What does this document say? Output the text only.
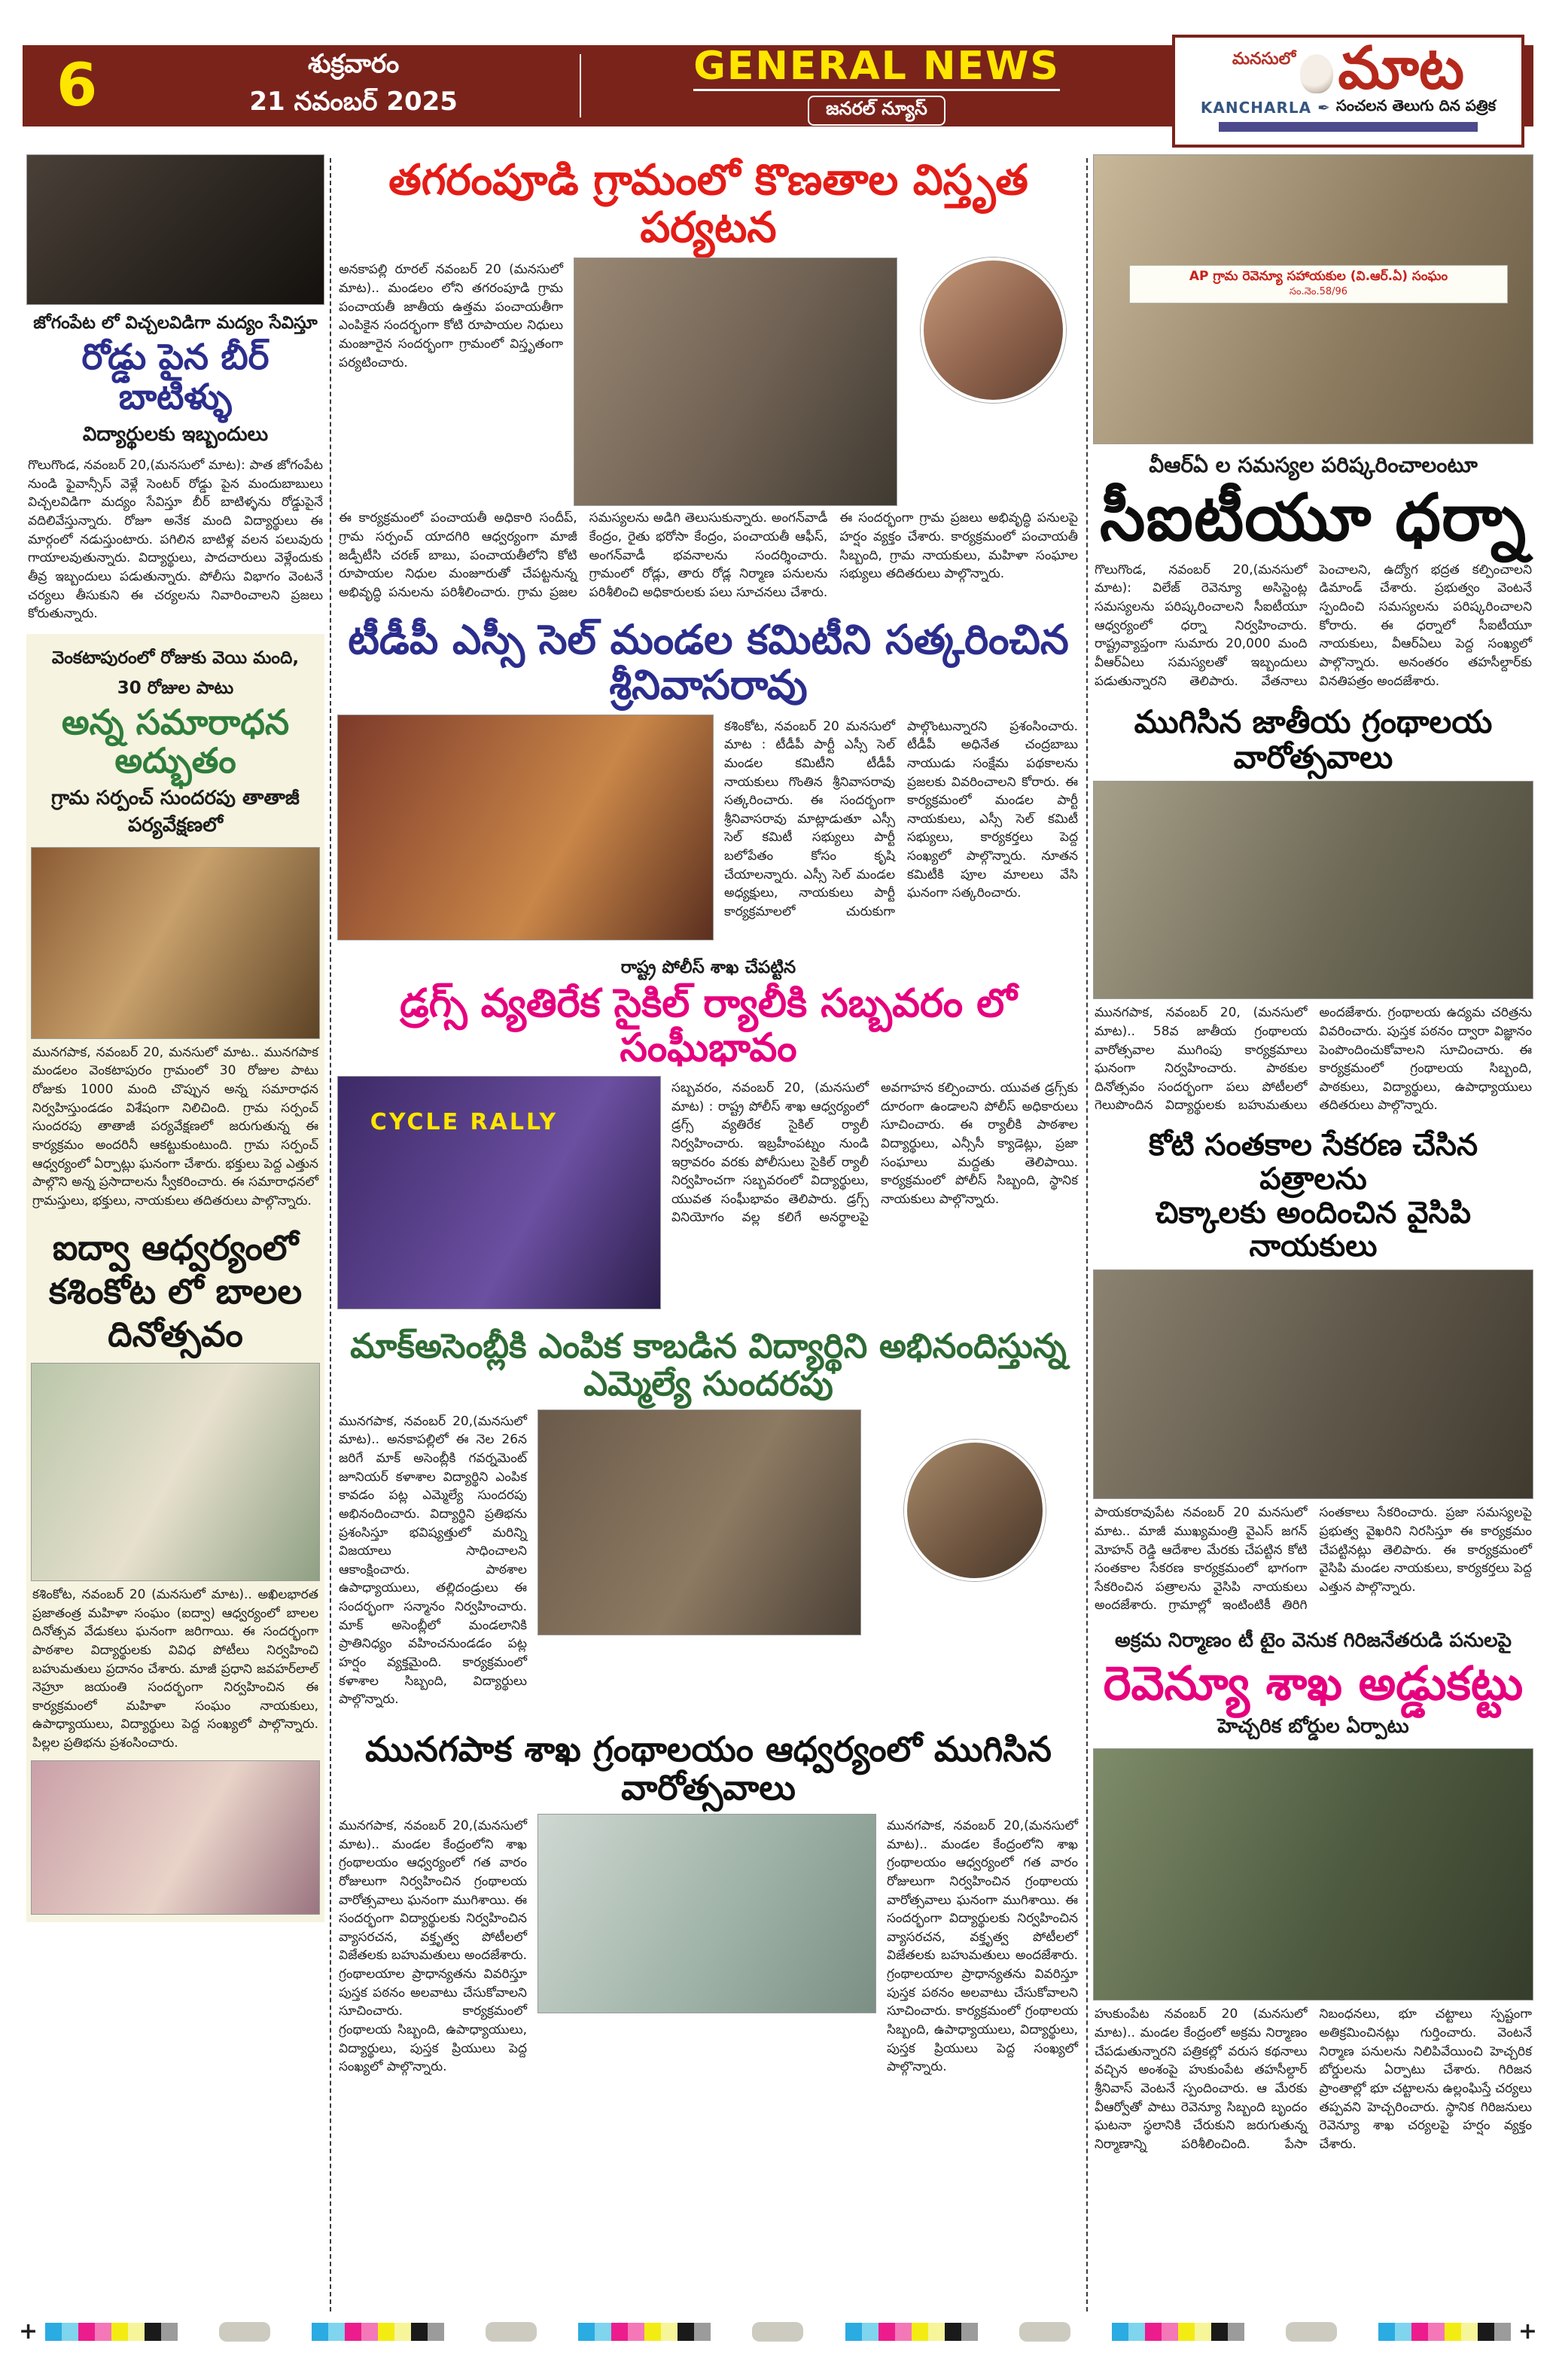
6	శుక్రవారం
21 నవంబర్ 2025
GENERAL NEWS
జనరల్ న్యూస్
మనసులో మాట
KANCHARLA ✒ సంచలన తెలుగు దిన పత్రిక
జోగంపేట లో విచ్చలవిడిగా మద్యం సేవిస్తూ
రోడ్డు పైన బీర్ బాటిళ్ళు
విద్యార్థులకు ఇబ్బందులు
గొలుగొండ, నవంబర్ 20,(మనసులో మాట): పాత జోగంపేట నుండి ఫైవాన్సీస్ వెళ్లే సెంటర్ రోడ్డు పైన మందుబాబులు విచ్చలవిడిగా మద్యం సేవిస్తూ బీర్ బాటిళ్ళను రోడ్డుపైనే వదిలివేస్తున్నారు. రోజూ అనేక మంది విద్యార్థులు ఈ మార్గంలో నడుస్తుంటారు. పగిలిన బాటిళ్ల వలన పలువురు గాయాలవుతున్నారు. విద్యార్థులు, పాదచారులు వెళ్లేందుకు తీవ్ర ఇబ్బందులు పడుతున్నారు. పోలీసు విభాగం వెంటనే చర్యలు తీసుకుని ఈ చర్యలను నివారించాలని ప్రజలు కోరుతున్నారు.
వెంకటాపురంలో రోజుకు వెయి మంది,
30 రోజుల పాటు
అన్న సమారాధన అద్భుతం
గ్రామ సర్పంచ్ సుందరపు తాతాజీ పర్యవేక్షణలో
మునగపాక, నవంబర్ 20, మనసులో మాట.. మునగపాక మండలం వెంకటాపురం గ్రామంలో 30 రోజుల పాటు రోజుకు 1000 మంది చొప్పున అన్న సమారాధన నిర్వహిస్తుండడం విశేషంగా నిలిచింది. గ్రామ సర్పంచ్ సుందరపు తాతాజీ పర్యవేక్షణలో జరుగుతున్న ఈ కార్యక్రమం అందరినీ ఆకట్టుకుంటుంది. గ్రామ సర్పంచ్ ఆధ్వర్యంలో ఏర్పాట్లు ఘనంగా చేశారు. భక్తులు పెద్ద ఎత్తున పాల్గొని అన్న ప్రసాదాలను స్వీకరించారు. ఈ సమారాధనలో గ్రామస్తులు, భక్తులు, నాయకులు తదితరులు పాల్గొన్నారు.
ఐద్వా ఆధ్వర్యంలో కశింకోట లో బాలల దినోత్సవం
కశింకోట, నవంబర్ 20 (మనసులో మాట).. అఖిలభారత ప్రజాతంత్ర మహిళా సంఘం (ఐద్వా) ఆధ్వర్యంలో బాలల దినోత్సవ వేడుకలు ఘనంగా జరిగాయి. ఈ సందర్భంగా పాఠశాల విద్యార్థులకు వివిధ పోటీలు నిర్వహించి బహుమతులు ప్రదానం చేశారు. మాజీ ప్రధాని జవహర్‌లాల్ నెహ్రూ జయంతి సందర్భంగా నిర్వహించిన ఈ కార్యక్రమంలో మహిళా సంఘం నాయకులు, ఉపాధ్యాయులు, విద్యార్థులు పెద్ద సంఖ్యలో పాల్గొన్నారు. పిల్లల ప్రతిభను ప్రశంసించారు.
తగరంపూడి గ్రామంలో కొణతాల విస్తృత పర్యటన
అనకాపల్లి రూరల్ నవంబర్ 20 (మనసులో మాట).. మండలం లోని తగరంపూడి గ్రామ పంచాయతీ జాతీయ ఉత్తమ పంచాయతీగా ఎంపికైన సందర్భంగా కోటి రూపాయల నిధులు మంజూరైన సందర్భంగా గ్రామంలో విస్తృతంగా పర్యటించారు.
ఈ కార్యక్రమంలో పంచాయతీ అధికారి సందీప్, గ్రామ సర్పంచ్ యాదగిరి ఆధ్వర్యంగా మాజీ జడ్పీటీసి చరణ్ బాబు, పంచాయతీలోని కోటి రూపాయల నిధుల మంజూరుతో చేపట్టనున్న అభివృద్ధి పనులను పరిశీలించారు. గ్రామ ప్రజల సమస్యలను అడిగి తెలుసుకున్నారు. అంగన్‌వాడీ కేంద్రం, రైతు భరోసా కేంద్రం, పంచాయతీ ఆఫీస్, అంగన్‌వాడీ భవనాలను సందర్శించారు. గ్రామంలో రోడ్లు, తారు రోడ్ల నిర్మాణ పనులను పరిశీలించి అధికారులకు పలు సూచనలు చేశారు. ఈ సందర్భంగా గ్రామ ప్రజలు అభివృద్ధి పనులపై హర్షం వ్యక్తం చేశారు. కార్యక్రమంలో పంచాయతీ సిబ్బంది, గ్రామ నాయకులు, మహిళా సంఘాల సభ్యులు తదితరులు పాల్గొన్నారు.
టీడీపీ ఎస్సీ సెల్ మండల కమిటీని సత్కరించిన శ్రీనివాసరావు
కశింకోట, నవంబర్ 20 మనసులో మాట : టీడీపీ పార్టీ ఎస్సీ సెల్ మండల కమిటీని టీడీపీ నాయకులు గొంతిన శ్రీనివాసరావు సత్కరించారు. ఈ సందర్భంగా శ్రీనివాసరావు మాట్లాడుతూ ఎస్సీ సెల్ కమిటీ సభ్యులు పార్టీ బలోపేతం కోసం కృషి చేయాలన్నారు. ఎస్సీ సెల్ మండల అధ్యక్షులు, నాయకులు పార్టీ కార్యక్రమాలలో చురుకుగా పాల్గొంటున్నారని ప్రశంసించారు. టీడీపీ అధినేత చంద్రబాబు నాయుడు సంక్షేమ పథకాలను ప్రజలకు వివరించాలని కోరారు. ఈ కార్యక్రమంలో మండల పార్టీ నాయకులు, ఎస్సీ సెల్ కమిటీ సభ్యులు, కార్యకర్తలు పెద్ద సంఖ్యలో పాల్గొన్నారు. నూతన కమిటీకి పూల మాలలు వేసి ఘనంగా సత్కరించారు.
రాష్ట్ర పోలీస్ శాఖ చేపట్టిన
డ్రగ్స్ వ్యతిరేక సైకిల్ ర్యాలీకి సబ్బవరం లో సంఘీభావం
CYCLE RALLY
సబ్బవరం, నవంబర్ 20, (మనసులో మాట) : రాష్ట్ర పోలీస్ శాఖ ఆధ్వర్యంలో డ్రగ్స్ వ్యతిరేక సైకిల్ ర్యాలీ నిర్వహించారు. ఇబ్రహీంపట్నం నుండి ఇర్రావరం వరకు పోలీసులు సైకిల్ ర్యాలీ నిర్వహించగా సబ్బవరంలో విద్యార్థులు, యువత సంఘీభావం తెలిపారు. డ్రగ్స్ వినియోగం వల్ల కలిగే అనర్థాలపై అవగాహన కల్పించారు. యువత డ్రగ్స్‌కు దూరంగా ఉండాలని పోలీస్ అధికారులు సూచించారు. ఈ ర్యాలీకి పాఠశాల విద్యార్థులు, ఎన్సీసీ క్యాడెట్లు, ప్రజా సంఘాలు మద్దతు తెలిపాయి. కార్యక్రమంలో పోలీస్ సిబ్బంది, స్థానిక నాయకులు పాల్గొన్నారు.
మాక్‌అసెంబ్లీకి ఎంపిక కాబడిన విద్యార్థిని అభినందిస్తున్న ఎమ్మెల్యే సుందరపు
మునగపాక, నవంబర్ 20,(మనసులో మాట).. అనకాపల్లిలో ఈ నెల 26న జరిగే మాక్ అసెంబ్లీకి గవర్నమెంట్ జూనియర్ కళాశాల విద్యార్థిని ఎంపిక కావడం పట్ల ఎమ్మెల్యే సుందరపు అభినందించారు. విద్యార్థిని ప్రతిభను ప్రశంసిస్తూ భవిష్యత్తులో మరిన్ని విజయాలు సాధించాలని ఆకాంక్షించారు. పాఠశాల ఉపాధ్యాయులు, తల్లిదండ్రులు ఈ సందర్భంగా సన్మానం నిర్వహించారు. మాక్ అసెంబ్లీలో మండలానికి ప్రాతినిధ్యం వహించనుండడం పట్ల హర్షం వ్యక్తమైంది. కార్యక్రమంలో కళాశాల సిబ్బంది, విద్యార్థులు పాల్గొన్నారు.
మునగపాక శాఖ గ్రంథాలయం ఆధ్వర్యంలో ముగిసిన వారోత్సవాలు
మునగపాక, నవంబర్ 20,(మనసులో మాట).. మండల కేంద్రంలోని శాఖ గ్రంథాలయం ఆధ్వర్యంలో గత వారం రోజులుగా నిర్వహించిన గ్రంథాలయ వారోత్సవాలు ఘనంగా ముగిశాయి. ఈ సందర్భంగా విద్యార్థులకు నిర్వహించిన వ్యాసరచన, వక్తృత్వ పోటీలలో విజేతలకు బహుమతులు అందజేశారు. గ్రంథాలయాల ప్రాధాన్యతను వివరిస్తూ పుస్తక పఠనం అలవాటు చేసుకోవాలని సూచించారు. కార్యక్రమంలో గ్రంథాలయ సిబ్బంది, ఉపాధ్యాయులు, విద్యార్థులు, పుస్తక ప్రియులు పెద్ద సంఖ్యలో పాల్గొన్నారు.
మునగపాక, నవంబర్ 20,(మనసులో మాట).. మండల కేంద్రంలోని శాఖ గ్రంథాలయం ఆధ్వర్యంలో గత వారం రోజులుగా నిర్వహించిన గ్రంథాలయ వారోత్సవాలు ఘనంగా ముగిశాయి. ఈ సందర్భంగా విద్యార్థులకు నిర్వహించిన వ్యాసరచన, వక్తృత్వ పోటీలలో విజేతలకు బహుమతులు అందజేశారు. గ్రంథాలయాల ప్రాధాన్యతను వివరిస్తూ పుస్తక పఠనం అలవాటు చేసుకోవాలని సూచించారు. కార్యక్రమంలో గ్రంథాలయ సిబ్బంది, ఉపాధ్యాయులు, విద్యార్థులు, పుస్తక ప్రియులు పెద్ద సంఖ్యలో పాల్గొన్నారు.
AP గ్రామ రెవెన్యూ సహాయకుల (వి.ఆర్.ఏ) సంఘం
సం.నెం.58/96
వీఆర్ఏ ల సమస్యల పరిష్కరించాలంటూ
సీఐటీయూ ధర్నా
గొలుగొండ, నవంబర్ 20,(మనసులో మాట): విలేజ్ రెవెన్యూ అసిస్టెంట్ల సమస్యలను పరిష్కరించాలని సీఐటీయూ ఆధ్వర్యంలో ధర్నా నిర్వహించారు. రాష్ట్రవ్యాప్తంగా సుమారు 20,000 మంది వీఆర్ఏలు సమస్యలతో ఇబ్బందులు పడుతున్నారని తెలిపారు. వేతనాలు పెంచాలని, ఉద్యోగ భద్రత కల్పించాలని డిమాండ్ చేశారు. ప్రభుత్వం వెంటనే స్పందించి సమస్యలను పరిష్కరించాలని కోరారు. ఈ ధర్నాలో సీఐటీయూ నాయకులు, వీఆర్ఏలు పెద్ద సంఖ్యలో పాల్గొన్నారు. అనంతరం తహసీల్దార్‌కు వినతిపత్రం అందజేశారు.
ముగిసిన జాతీయ గ్రంథాలయ వారోత్సవాలు
మునగపాక, నవంబర్ 20, (మనసులో మాట).. 58వ జాతీయ గ్రంథాలయ వారోత్సవాల ముగింపు కార్యక్రమాలు ఘనంగా నిర్వహించారు. పాఠకుల దినోత్సవం సందర్భంగా పలు పోటీలలో గెలుపొందిన విద్యార్థులకు బహుమతులు అందజేశారు. గ్రంథాలయ ఉద్యమ చరిత్రను వివరించారు. పుస్తక పఠనం ద్వారా విజ్ఞానం పెంపొందించుకోవాలని సూచించారు. ఈ కార్యక్రమంలో గ్రంథాలయ సిబ్బంది, పాఠకులు, విద్యార్థులు, ఉపాధ్యాయులు తదితరులు పాల్గొన్నారు.
కోటి సంతకాల సేకరణ చేసిన పత్రాలను
చిక్కాలకు అందించిన వైసిపి నాయకులు
పాయకరావుపేట నవంబర్ 20 మనసులో మాట.. మాజీ ముఖ్యమంత్రి వైఎస్ జగన్ మోహన్ రెడ్డి ఆదేశాల మేరకు చేపట్టిన కోటి సంతకాల సేకరణ కార్యక్రమంలో భాగంగా సేకరించిన పత్రాలను వైసిపి నాయకులు అందజేశారు. గ్రామాల్లో ఇంటింటికీ తిరిగి సంతకాలు సేకరించారు. ప్రజా సమస్యలపై ప్రభుత్వ వైఖరిని నిరసిస్తూ ఈ కార్యక్రమం చేపట్టినట్లు తెలిపారు. ఈ కార్యక్రమంలో వైసిపి మండల నాయకులు, కార్యకర్తలు పెద్ద ఎత్తున పాల్గొన్నారు.
అక్రమ నిర్మాణం టీ టైం వెనుక గిరిజనేతరుడి పనులపై
రెవెన్యూ శాఖ అడ్డుకట్టు
హెచ్చరిక బోర్డుల ఏర్పాటు
హుకుంపేట నవంబర్ 20 (మనసులో మాట).. మండల కేంద్రంలో అక్రమ నిర్మాణం చేపడుతున్నారని పత్రికల్లో వరుస కథనాలు వచ్చిన అంశంపై హుకుంపేట తహసీల్దార్ శ్రీనివాస్ వెంటనే స్పందించారు. ఆ మేరకు వీఆర్వోతో పాటు రెవెన్యూ సిబ్బంది బృందం ఘటనా స్థలానికి చేరుకుని జరుగుతున్న నిర్మాణాన్ని పరిశీలించింది. పేసా నిబంధనలు, భూ చట్టాలు స్పష్టంగా అతిక్రమించినట్లు గుర్తించారు. వెంటనే నిర్మాణ పనులను నిలిపివేయించి హెచ్చరిక బోర్డులను ఏర్పాటు చేశారు. గిరిజన ప్రాంతాల్లో భూ చట్టాలను ఉల్లంఘిస్తే చర్యలు తప్పవని హెచ్చరించారు. స్థానిక గిరిజనులు రెవెన్యూ శాఖ చర్యలపై హర్షం వ్యక్తం చేశారు.
+	+
